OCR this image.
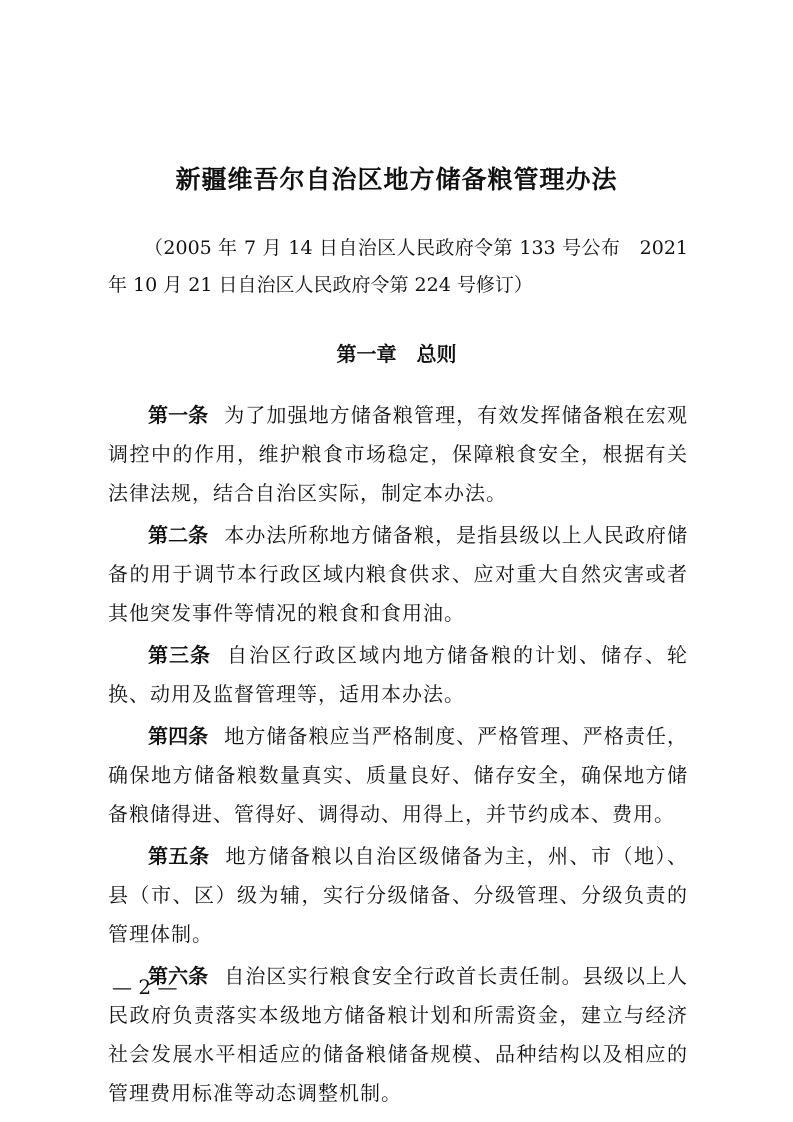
新疆维吾尔自治区地方储备粮管理办法
（2005 年 7 月 14 日自治区人民政府令第 133 号公布　2021 年 10 月 21 日自治区人民政府令第 224 号修订）
第一章　总则

第一条 为了加强地方储备粮管理，有效发挥储备粮在宏观调控中的作用，维护粮食市场稳定，保障粮食安全，根据有关法律法规，结合自治区实际，制定本办法。

第二条 本办法所称地方储备粮，是指县级以上人民政府储备的用于调节本行政区域内粮食供求、应对重大自然灾害或者其他突发事件等情况的粮食和食用油。

第三条 自治区行政区域内地方储备粮的计划、储存、轮换、动用及监督管理等，适用本办法。

第四条 地方储备粮应当严格制度、严格管理、严格责任，确保地方储备粮数量真实、质量良好、储存安全，确保地方储备粮储得进、管得好、调得动、用得上，并节约成本、费用。

第五条 地方储备粮以自治区级储备为主，州、市（地）、县（市、区）级为辅，实行分级储备、分级管理、分级负责的管理体制。

第六条 自治区实行粮食安全行政首长责任制。县级以上人民政府负责落实本级地方储备粮计划和所需资金，建立与经济社会发展水平相适应的储备粮储备规模、品种结构以及相应的管理费用标准等动态调整机制。

— 2 —
